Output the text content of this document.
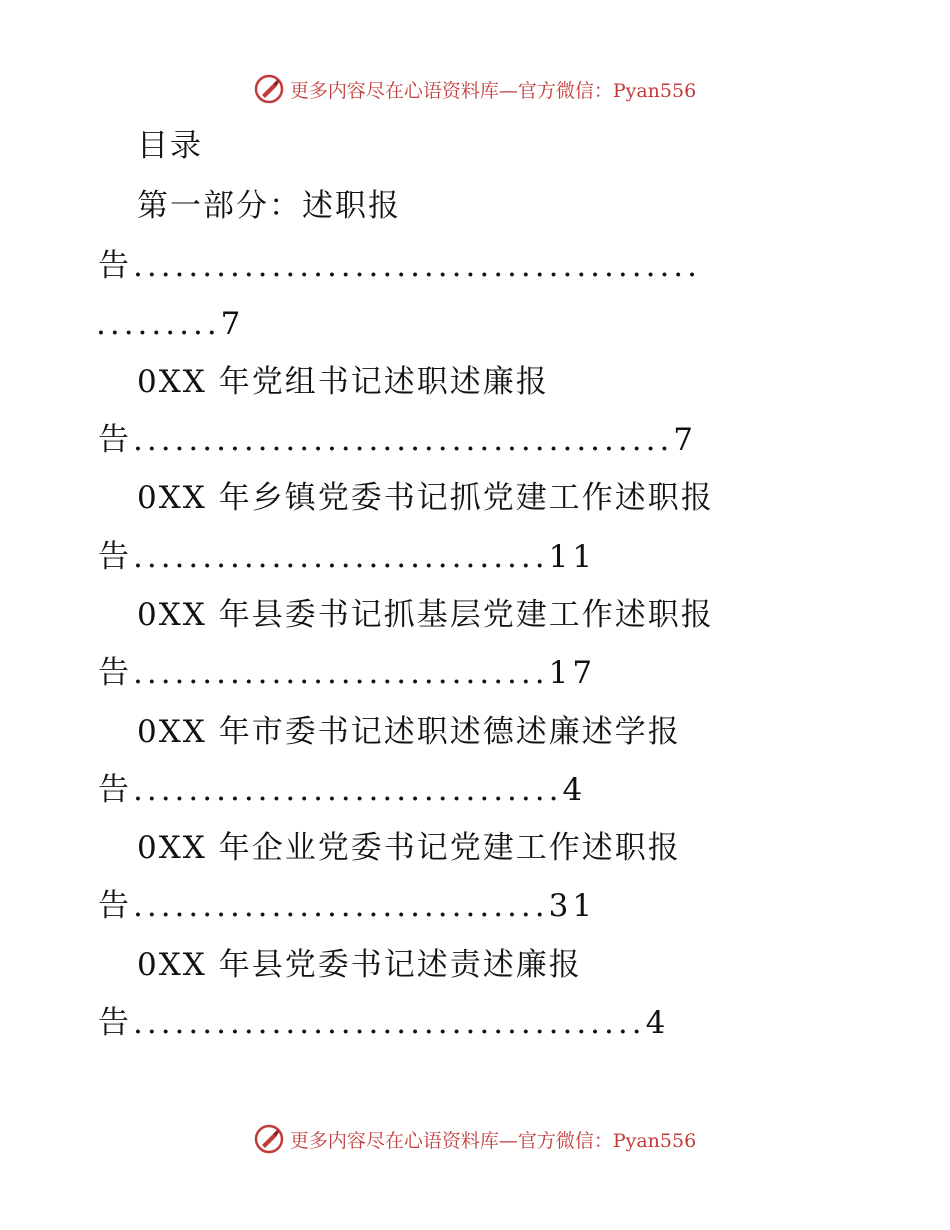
更多内容尽在心语资料库—官方微信：Pyan556
目录
第一部分：述职报
告.........................................
.........7
0XX 年党组书记述职述廉报
告.......................................7
0XX 年乡镇党委书记抓党建工作述职报
告..............................11
0XX 年县委书记抓基层党建工作述职报
告..............................17
0XX 年市委书记述职述德述廉述学报
告...............................4
0XX 年企业党委书记党建工作述职报
告..............................31
0XX 年县党委书记述责述廉报
告.....................................4
更多内容尽在心语资料库—官方微信：Pyan556
